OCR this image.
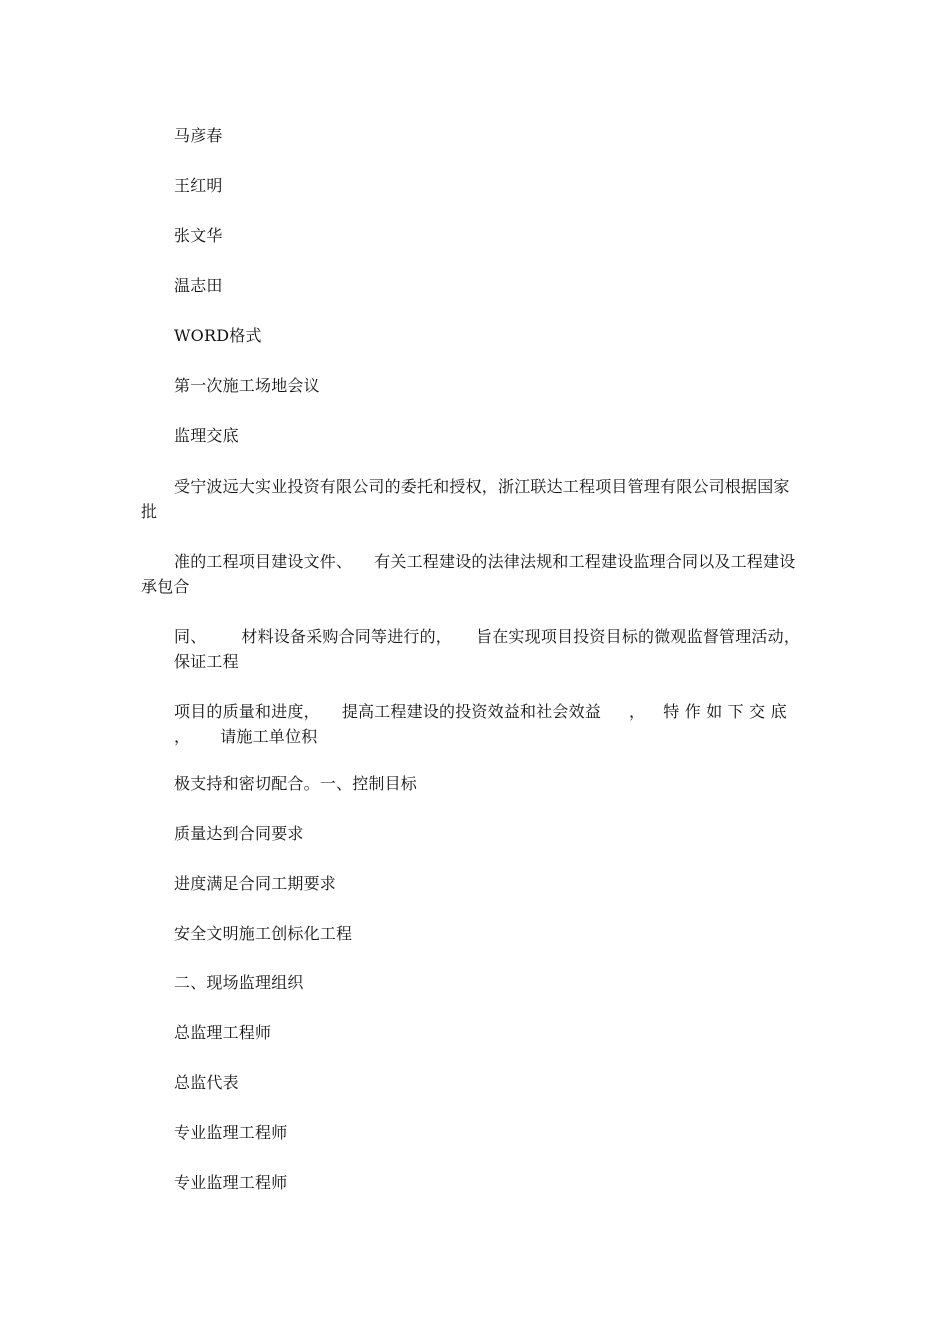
马彦春
王红明
张文华
温志田
WORD格式
第一次施工场地会议
监理交底
受宁波远大实业投资有限公司的委托和授权，浙江联达工程项目管理有限公司根据国家
批
准的工程项目建设文件、 有关工程建设的法律法规和工程建设监理合同以及工程建设
承包合
同、 材料设备采购合同等进行的， 旨在实现项目投资目标的微观监督管理活动，
保证工程
项目的质量和进度， 提高工程建设的投资效益和社会效益 ， 特 作 如 下 交 底
， 请施工单位积
极支持和密切配合。一、控制目标
质量达到合同要求
进度满足合同工期要求
安全文明施工创标化工程
二、现场监理组织
总监理工程师
总监代表
专业监理工程师
专业监理工程师
